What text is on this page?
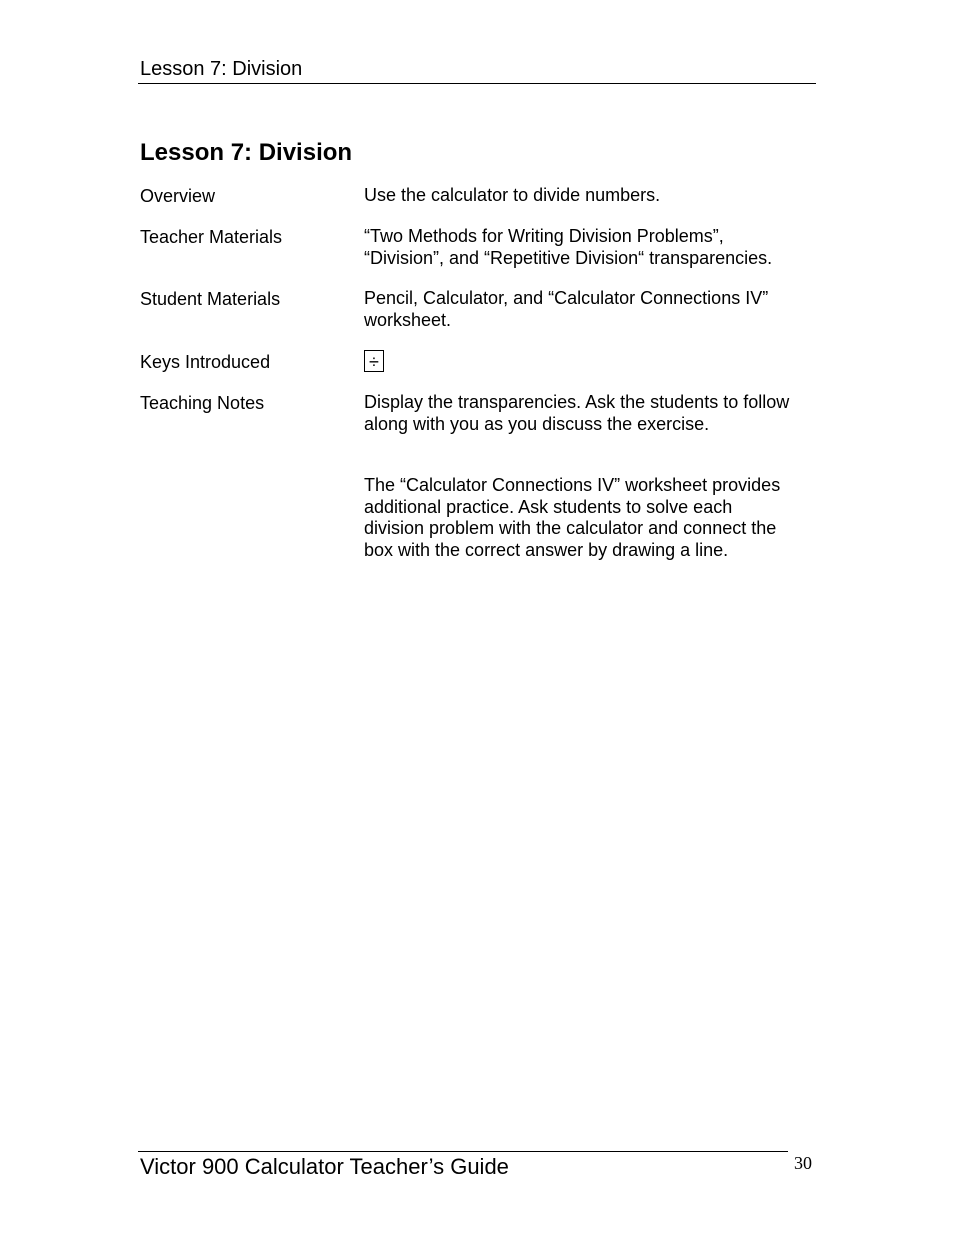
Lesson 7: Division
Lesson 7: Division

Overview	Use the calculator to divide numbers.

Teacher Materials	“Two Methods for Writing Division Problems”,
“Division”, and “Repetitive Division“ transparencies.

Student Materials	Pencil, Calculator, and “Calculator Connections IV”
worksheet.

Keys Introduced	÷

Teaching Notes	Display the transparencies. Ask the students to follow
along with you as you discuss the exercise.
The “Calculator Connections IV” worksheet provides
additional practice. Ask students to solve each
division problem with the calculator and connect the
box with the correct answer by drawing a line.
Victor 900 Calculator Teacher’s Guide	30
